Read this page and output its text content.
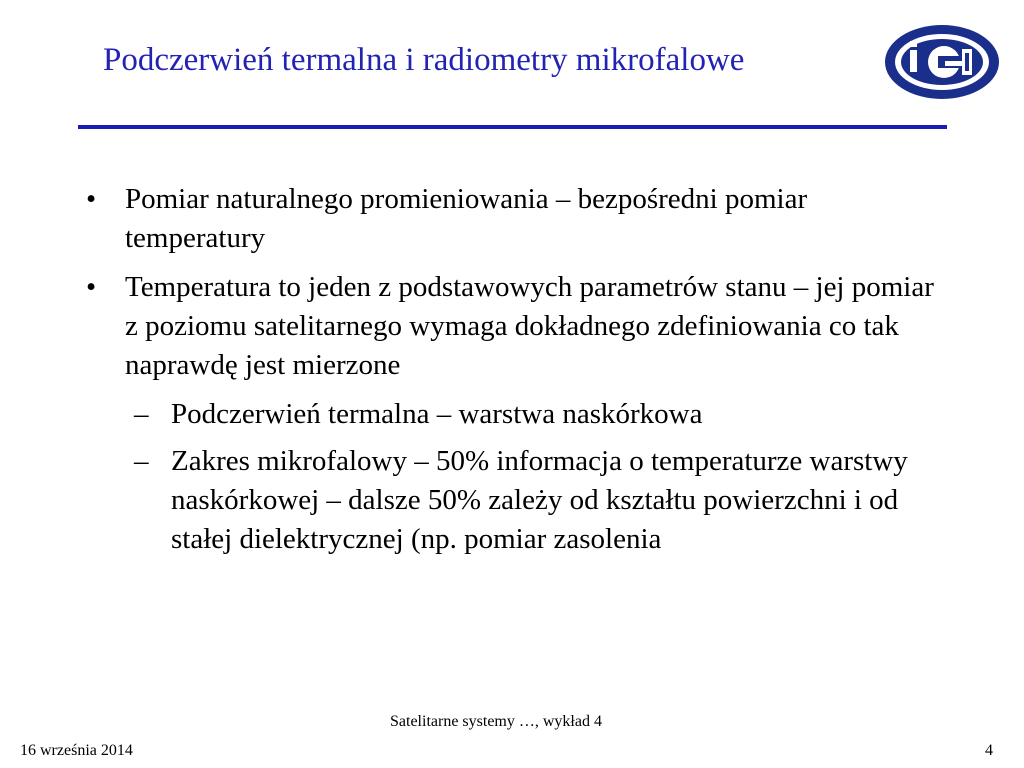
Podczerwień termalna i radiometry mikrofalowe
• Pomiar naturalnego promieniowania – bezpośredni pomiar temperatury
• Temperatura to jeden z podstawowych parametrów stanu – jej pomiar z poziomu satelitarnego wymaga dokładnego zdefiniowania co tak naprawdę jest mierzone
– Podczerwień termalna – warstwa naskórkowa
– Zakres mikrofalowy – 50% informacja o temperaturze warstwy naskórkowej – dalsze 50% zależy od kształtu powierzchni i od stałej dielektrycznej (np. pomiar zasolenia
Satelitarne systemy …, wykład 4
16 września 2014	4
